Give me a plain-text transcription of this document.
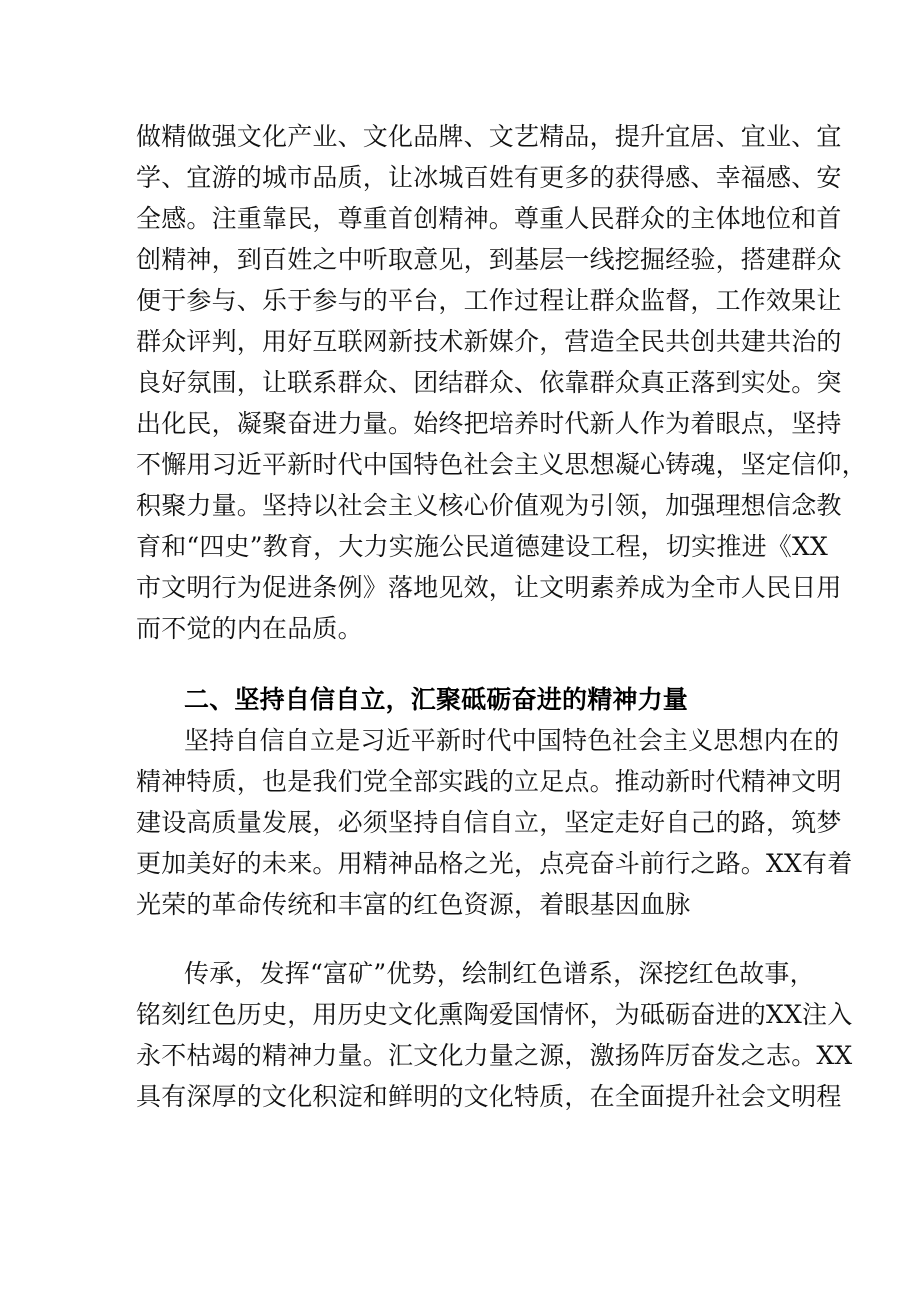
做精做强文化产业、文化品牌、文艺精品，提升宜居、宜业、宜
学、宜游的城市品质，让冰城百姓有更多的获得感、幸福感、安
全感。注重靠民，尊重首创精神。尊重人民群众的主体地位和首
创精神，到百姓之中听取意见，到基层一线挖掘经验，搭建群众
便于参与、乐于参与的平台，工作过程让群众监督，工作效果让
群众评判，用好互联网新技术新媒介，营造全民共创共建共治的
良好氛围，让联系群众、团结群众、依靠群众真正落到实处。突
出化民，凝聚奋进力量。始终把培养时代新人作为着眼点，坚持
不懈用习近平新时代中国特色社会主义思想凝心铸魂，坚定信仰，
积聚力量。坚持以社会主义核心价值观为引领，加强理想信念教
育和“四史”教育，大力实施公民道德建设工程，切实推进《XX
市文明行为促进条例》落地见效，让文明素养成为全市人民日用
而不觉的内在品质。
二、坚持自信自立，汇聚砥砺奋进的精神力量
坚持自信自立是习近平新时代中国特色社会主义思想内在的
精神特质，也是我们党全部实践的立足点。推动新时代精神文明
建设高质量发展，必须坚持自信自立，坚定走好自己的路，筑梦
更加美好的未来。用精神品格之光，点亮奋斗前行之路。XX有着
光荣的革命传统和丰富的红色资源，着眼基因血脉
传承，发挥“富矿”优势，绘制红色谱系，深挖红色故事，
铭刻红色历史，用历史文化熏陶爱国情怀，为砥砺奋进的XX注入
永不枯竭的精神力量。汇文化力量之源，激扬阵厉奋发之志。XX
具有深厚的文化积淀和鲜明的文化特质，在全面提升社会文明程
